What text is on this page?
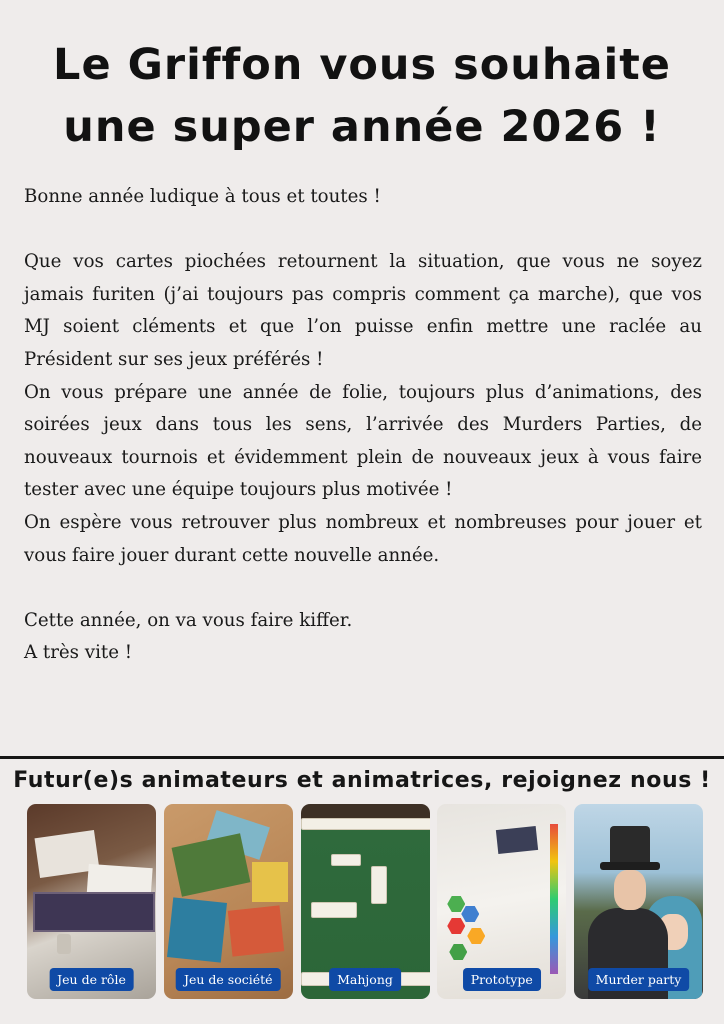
Le Griffon vous souhaite
une super année 2026 !

Bonne année ludique à tous et toutes !

Que vos cartes piochées retournent la situation, que vous ne soyez jamais furiten (j’ai toujours pas compris comment ça marche), que vos MJ soient cléments et que l’on puisse enfin mettre une raclée au Président sur ses jeux préférés !

On vous prépare une année de folie, toujours plus d’animations, des soirées jeux dans tous les sens, l’arrivée des Murders Parties, de nouveaux tournois et évidemment plein de nouveaux jeux à vous faire tester avec une équipe toujours plus motivée !

On espère vous retrouver plus nombreux et nombreuses pour jouer et vous faire jouer durant cette nouvelle année.

Cette année, on va vous faire kiffer.

A très vite !

Futur(e)s animateurs et animatrices, rejoignez nous !
Jeu de rôle	Jeu de société	Mahjong	Prototype	Murder party
